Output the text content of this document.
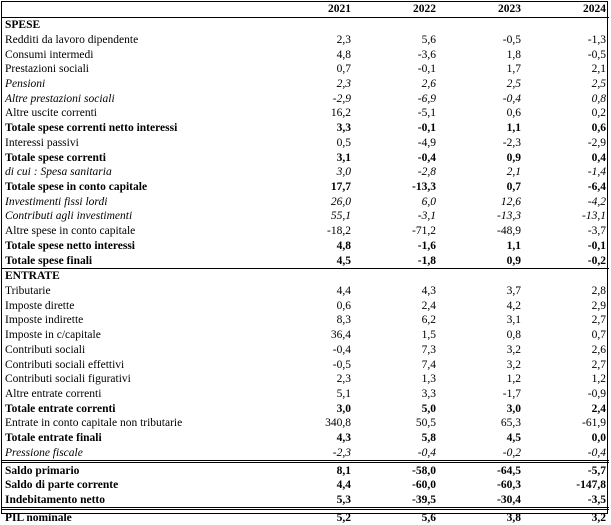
	2021	2022	2023	2024
SPESE				
Redditi da lavoro dipendente	2,3	5,6	-0,5	-1,3
Consumi intermedi	4,8	-3,6	1,8	-0,5
Prestazioni sociali	0,7	-0,1	1,7	2,1
Pensioni	2,3	2,6	2,5	2,5
Altre prestazioni sociali	-2,9	-6,9	-0,4	0,8
Altre uscite correnti	16,2	-5,1	0,6	0,2
Totale spese correnti netto interessi	3,3	-0,1	1,1	0,6
Interessi passivi	0,5	-4,9	-2,3	-2,9
Totale spese correnti	3,1	-0,4	0,9	0,4
di cui : Spesa sanitaria	3,0	-2,8	2,1	-1,4
Totale spese in conto capitale	17,7	-13,3	0,7	-6,4
Investimenti fissi lordi	26,0	6,0	12,6	-4,2
Contributi agli investimenti	55,1	-3,1	-13,3	-13,1
Altre spese in conto capitale	-18,2	-71,2	-48,9	-3,7
Totale spese netto interessi	4,8	-1,6	1,1	-0,1
Totale spese finali	4,5	-1,8	0,9	-0,2
ENTRATE				
Tributarie	4,4	4,3	3,7	2,8
Imposte dirette	0,6	2,4	4,2	2,9
Imposte indirette	8,3	6,2	3,1	2,7
Imposte in c/capitale	36,4	1,5	0,8	0,7
Contributi sociali	-0,4	7,3	3,2	2,6
Contributi sociali effettivi	-0,5	7,4	3,2	2,7
Contributi sociali figurativi	2,3	1,3	1,2	1,2
Altre entrate correnti	5,1	3,3	-1,7	-0,9
Totale entrate correnti	3,0	5,0	3,0	2,4
Entrate in conto capitale non tributarie	340,8	50,5	65,3	-61,9
Totale entrate finali	4,3	5,8	4,5	0,0
Pressione fiscale	-2,3	-0,4	-0,2	-0,4
Saldo primario	8,1	-58,0	-64,5	-5,7
Saldo di parte corrente	4,4	-60,0	-60,3	-147,8
Indebitamento netto	5,3	-39,5	-30,4	-3,5
PIL nominale	5,2	5,6	3,8	3,2
